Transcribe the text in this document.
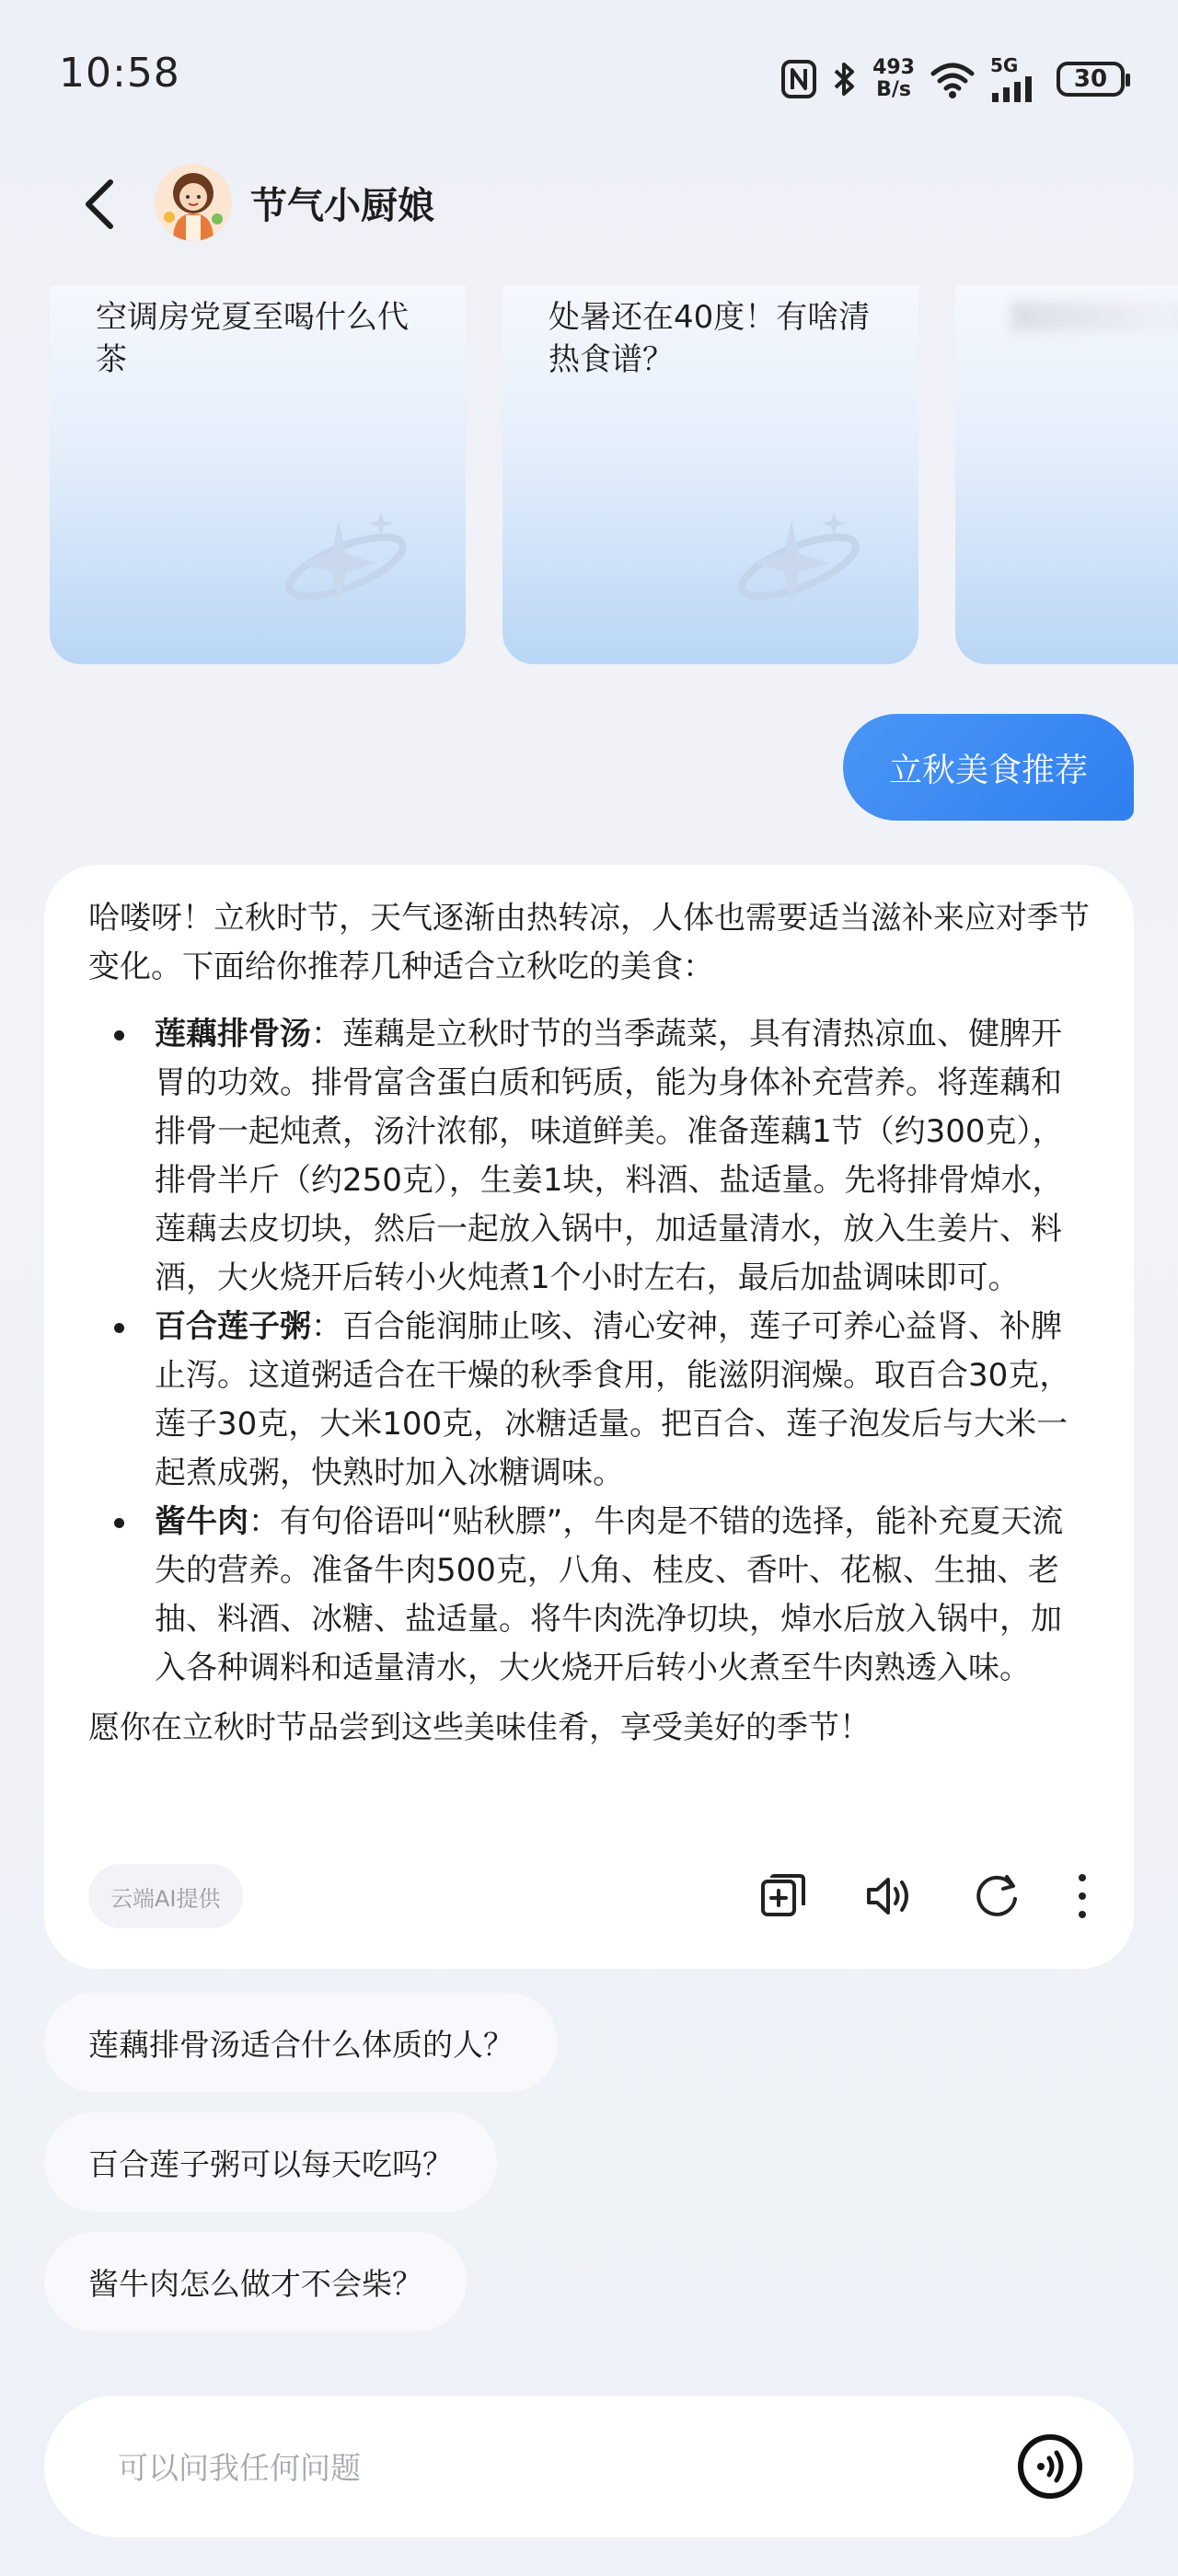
10:58	493
B/s
5G	30
节气小厨娘
空调房党夏至喝什么代茶
处暑还在40度！有啥清热食谱？
立秋美食推荐

哈喽呀！立秋时节，天气逐渐由热转凉，人体也需要适当滋补来应对季节变化。下面给你推荐几种适合立秋吃的美食：

莲藕排骨汤：莲藕是立秋时节的当季蔬菜，具有清热凉血、健脾开胃的功效。排骨富含蛋白质和钙质，能为身体补充营养。将莲藕和排骨一起炖煮，汤汁浓郁，味道鲜美。准备莲藕1节（约300克），排骨半斤（约250克），生姜1块，料酒、盐适量。先将排骨焯水，莲藕去皮切块，然后一起放入锅中，加适量清水，放入生姜片、料酒，大火烧开后转小火炖煮1个小时左右，最后加盐调味即可。
百合莲子粥：百合能润肺止咳、清心安神，莲子可养心益肾、补脾止泻。这道粥适合在干燥的秋季食用，能滋阴润燥。取百合30克，莲子30克，大米100克，冰糖适量。把百合、莲子泡发后与大米一起煮成粥，快熟时加入冰糖调味。
酱牛肉：有句俗语叫“贴秋膘”，牛肉是不错的选择，能补充夏天流失的营养。准备牛肉500克，八角、桂皮、香叶、花椒、生抽、老抽、料酒、冰糖、盐适量。将牛肉洗净切块，焯水后放入锅中，加入各种调料和适量清水，大火烧开后转小火煮至牛肉熟透入味。

愿你在立秋时节品尝到这些美味佳肴，享受美好的季节！

云端AI提供
莲藕排骨汤适合什么体质的人？
百合莲子粥可以每天吃吗？
酱牛肉怎么做才不会柴？
可以问我任何问题
